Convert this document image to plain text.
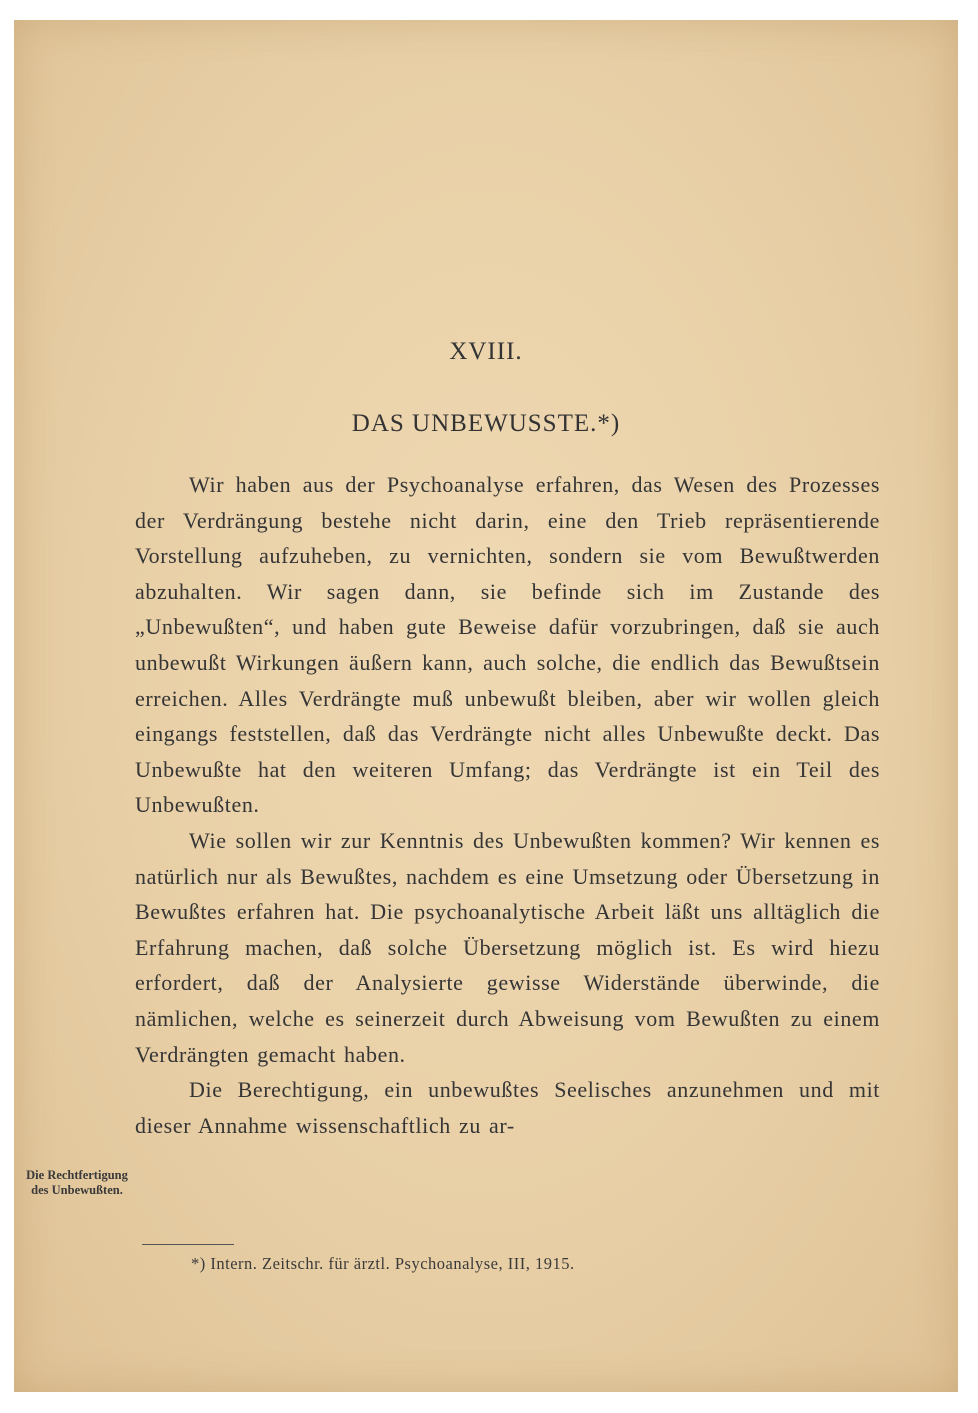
XVIII.
DAS UNBEWUSSTE.*)

Wir haben aus der Psychoanalyse erfahren, das Wesen des Prozesses der Verdrängung bestehe nicht darin, eine den Trieb repräsentierende Vorstellung aufzuheben, zu vernichten, sondern sie vom Bewußtwerden abzuhalten. Wir sagen dann, sie befinde sich im Zustande des „Unbewußten“, und haben gute Beweise dafür vorzubringen, daß sie auch unbewußt Wirkungen äußern kann, auch solche, die endlich das Bewußtsein erreichen. Alles Verdrängte muß unbewußt bleiben, aber wir wollen gleich eingangs feststellen, daß das Verdrängte nicht alles Unbewußte deckt. Das Unbewußte hat den weiteren Umfang; das Verdrängte ist ein Teil des Unbewußten.

Wie sollen wir zur Kenntnis des Unbewußten kommen? Wir kennen es natürlich nur als Bewußtes, nachdem es eine Umsetzung oder Übersetzung in Bewußtes erfahren hat. Die psychoanalytische Arbeit läßt uns alltäglich die Erfahrung machen, daß solche Übersetzung möglich ist. Es wird hiezu erfordert, daß der Analysierte gewisse Widerstände überwinde, die nämlichen, welche es seinerzeit durch Abweisung vom Bewußten zu einem Verdrängten gemacht haben.

Die Berechtigung, ein unbewußtes Seelisches anzunehmen und mit dieser Annahme wissenschaftlich zu ar-

Die Rechtfertigung des Unbewußten.
*) Intern. Zeitschr. für ärztl. Psychoanalyse, III, 1915.
